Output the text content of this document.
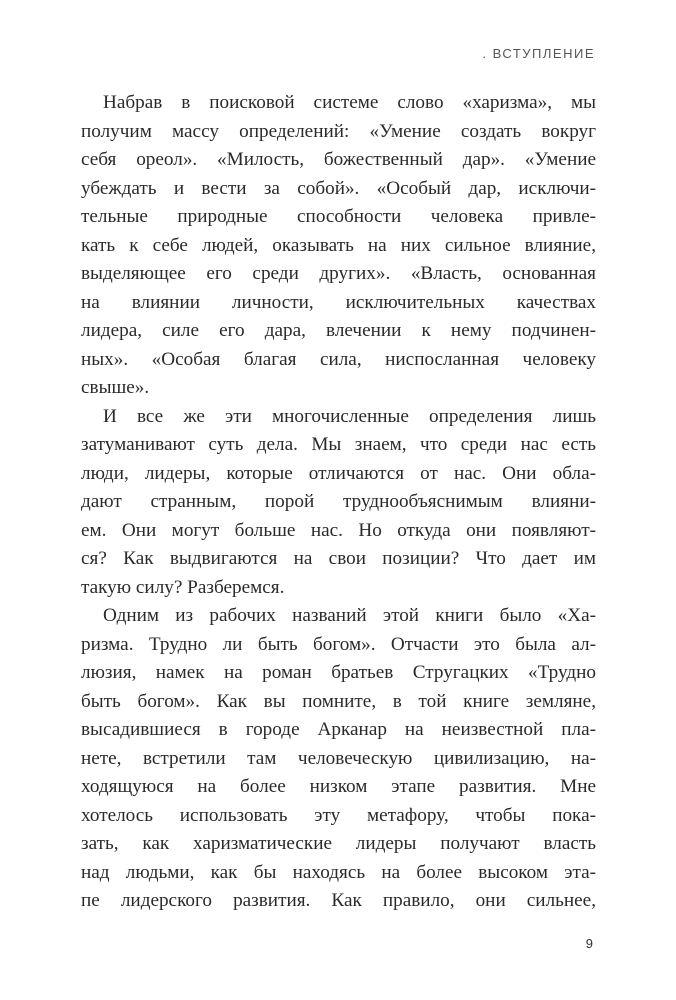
. ВСТУПЛЕНИЕ
Набрав в поисковой системе слово «харизма», мы
получим массу определений: «Умение создать вокруг
себя ореол». «Милость, божественный дар». «Умение
убеждать и вести за собой». «Особый дар, исключи-
тельные природные способности человека привле-
кать к себе людей, оказывать на них сильное влияние,
выделяющее его среди других». «Власть, основанная
на влиянии личности, исключительных качествах
лидера, силе его дара, влечении к нему подчинен-
ных». «Особая благая сила, ниспосланная человеку
свыше».
И все же эти многочисленные определения лишь
затуманивают суть дела. Мы знаем, что среди нас есть
люди, лидеры, которые отличаются от нас. Они обла-
дают странным, порой труднообъяснимым влияни-
ем. Они могут больше нас. Но откуда они появляют-
ся? Как выдвигаются на свои позиции? Что дает им
такую силу? Разберемся.
Одним из рабочих названий этой книги было «Ха-
ризма. Трудно ли быть богом». Отчасти это была ал-
люзия, намек на роман братьев Стругацких «Трудно
быть богом». Как вы помните, в той книге земляне,
высадившиеся в городе Арканар на неизвестной пла-
нете, встретили там человеческую цивилизацию, на-
ходящуюся на более низком этапе развития. Мне
хотелось использовать эту метафору, чтобы пока-
зать, как харизматические лидеры получают власть
над людьми, как бы находясь на более высоком эта-
пе лидерского развития. Как правило, они сильнее,
9
